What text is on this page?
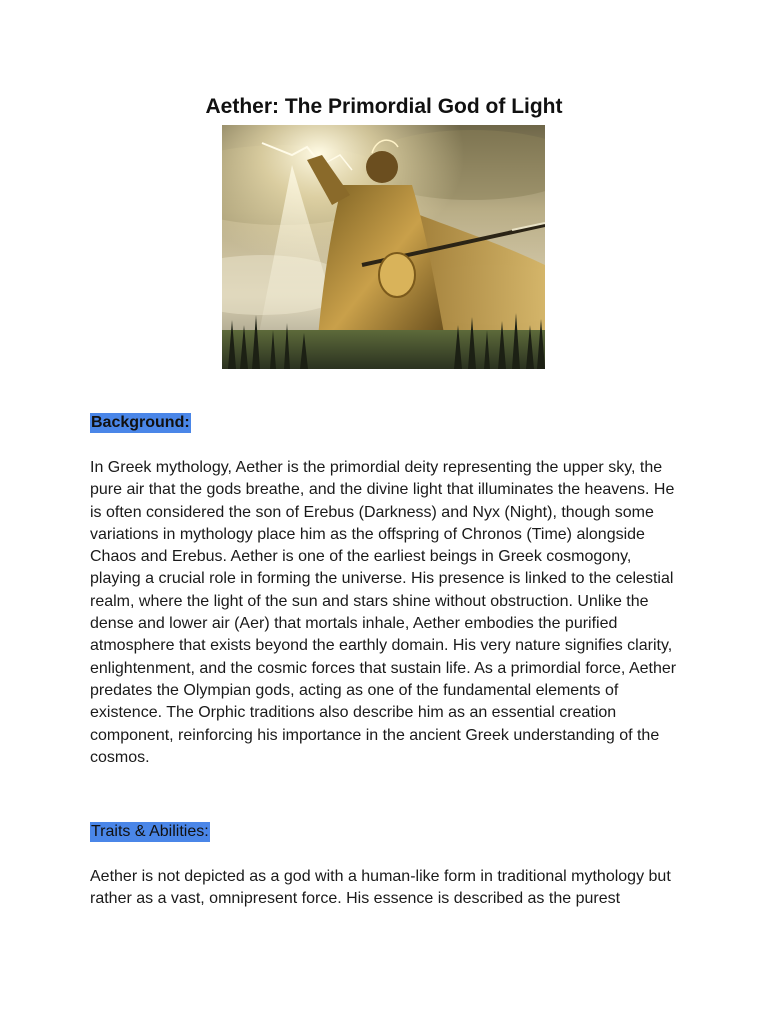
Aether: The Primordial God of Light
Background:

In Greek mythology, Aether is the primordial deity representing the upper sky, the pure air that the gods breathe, and the divine light that illuminates the heavens. He is often considered the son of Erebus (Darkness) and Nyx (Night), though some variations in mythology place him as the offspring of Chronos (Time) alongside Chaos and Erebus. Aether is one of the earliest beings in Greek cosmogony, playing a crucial role in forming the universe. His presence is linked to the celestial realm, where the light of the sun and stars shine without obstruction. Unlike the dense and lower air (Aer) that mortals inhale, Aether embodies the purified atmosphere that exists beyond the earthly domain. His very nature signifies clarity, enlightenment, and the cosmic forces that sustain life. As a primordial force, Aether predates the Olympian gods, acting as one of the fundamental elements of existence. The Orphic traditions also describe him as an essential creation component, reinforcing his importance in the ancient Greek understanding of the cosmos.

Traits & Abilities:

Aether is not depicted as a god with a human-like form in traditional mythology but rather as a vast, omnipresent force. His essence is described as the purest
